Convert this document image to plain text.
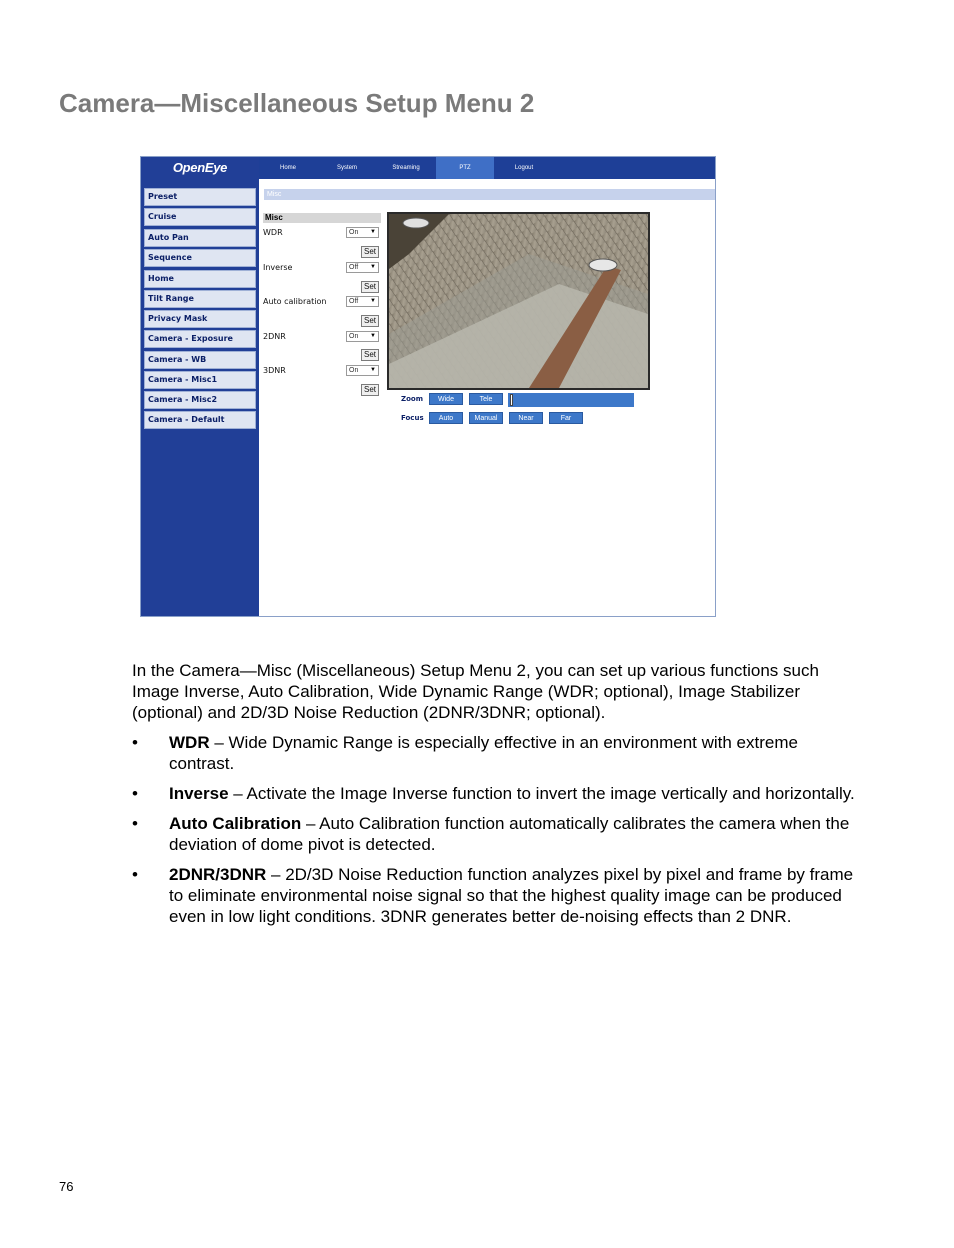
Camera—Miscellaneous Setup Menu 2
OpenEye
Preset
Cruise
Auto Pan
Sequence
Home
Tilt Range
Privacy Mask
Camera - Exposure
Camera - WB
Camera - Misc1
Camera - Misc2
Camera - Default
Home	System	Streaming	PTZ	Logout
Misc
Misc
WDR	On ▼
Set
Inverse	Off ▼
Set
Auto calibration	Off ▼
Set
2DNR	On ▼
Set
3DNR	On ▼
Set
Zoom	Wide	Tele
Focus	Auto	Manual	Near	Far

In the Camera—Misc (Miscellaneous) Setup Menu 2, you can set up various functions such Image Inverse, Auto Calibration, Wide Dynamic Range (WDR; optional), Image Stabilizer (optional) and 2D/3D Noise Reduction (2DNR/3DNR; optional).

• WDR – Wide Dynamic Range is especially effective in an environment with extreme contrast.
• Inverse – Activate the Image Inverse function to invert the image vertically and horizontally.
• Auto Calibration – Auto Calibration function automatically calibrates the camera when the deviation of dome pivot is detected.
• 2DNR/3DNR – 2D/3D Noise Reduction function analyzes pixel by pixel and frame by frame to eliminate environmental noise signal so that the highest quality image can be produced even in low light conditions. 3DNR generates better de-noising effects than 2 DNR.
76
